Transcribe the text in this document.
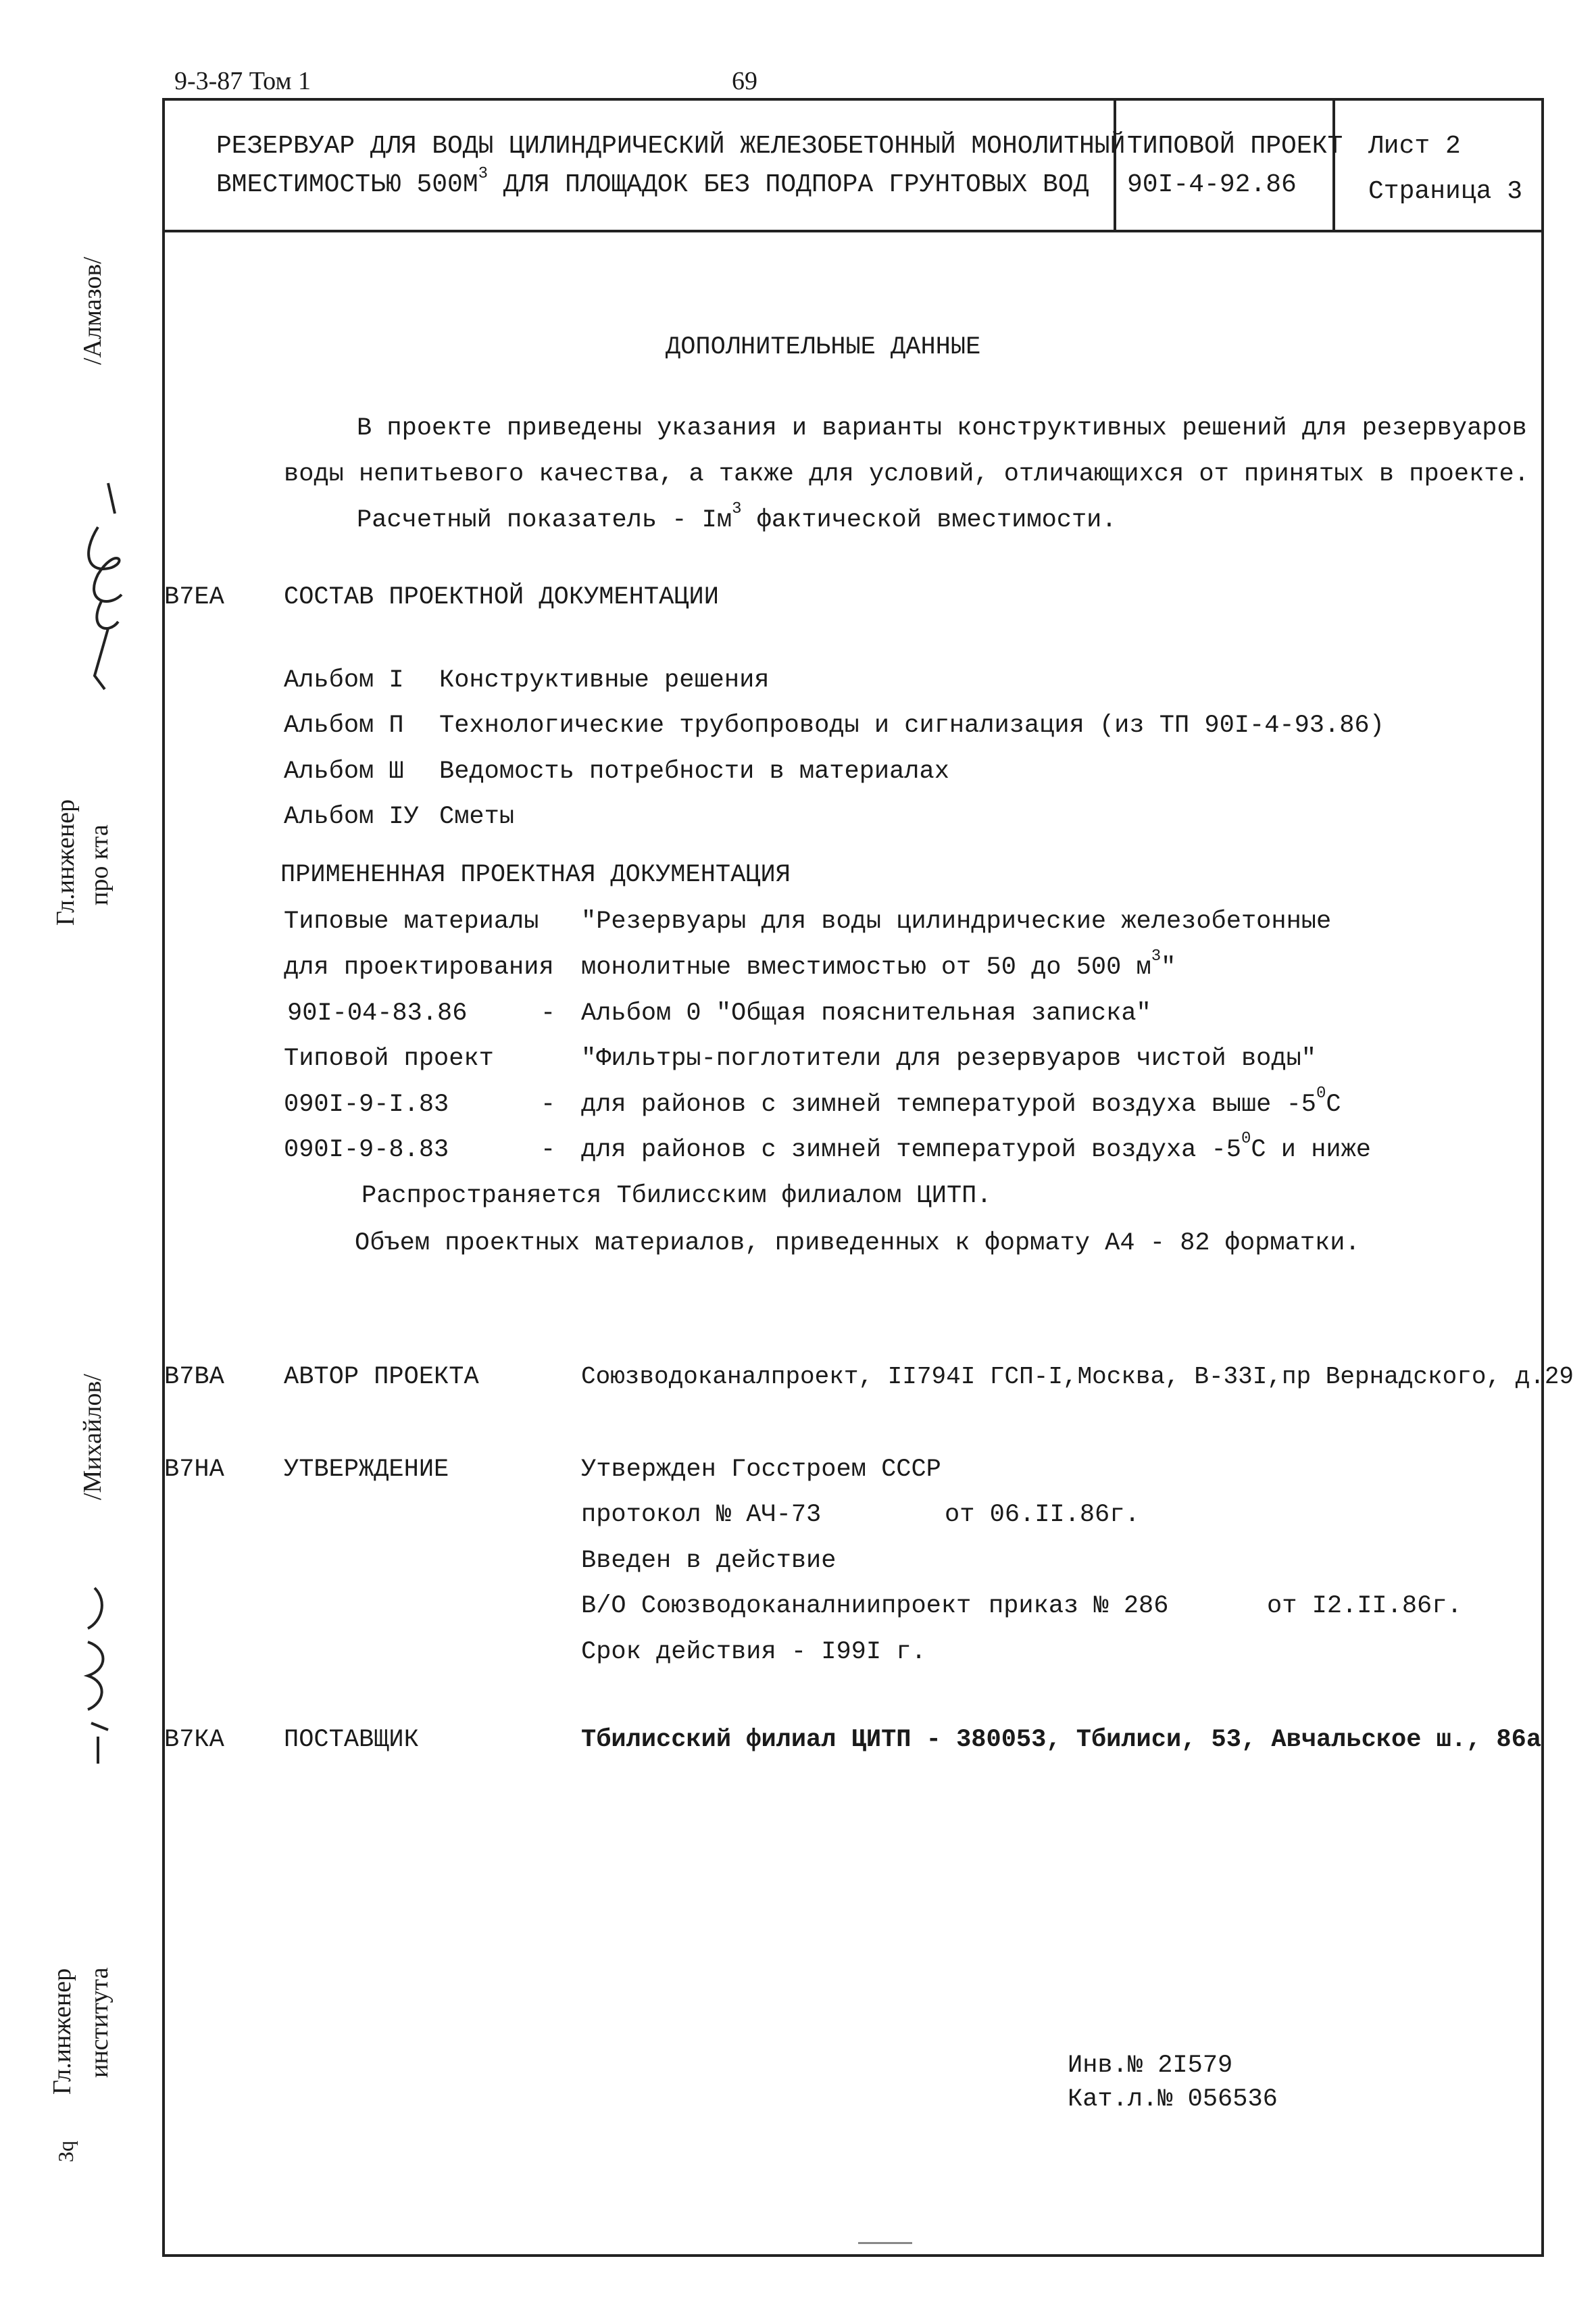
9-3-87 Том 1	69
РЕЗЕРВУАР ДЛЯ ВОДЫ ЦИЛИНДРИЧЕСКИЙ ЖЕЛЕЗОБЕТОННЫЙ МОНОЛИТНЫЙ
ВМЕСТИМОСТЬЮ $500М^3$ ДЛЯ ПЛОЩАДОК БЕЗ ПОДПОРА ГРУНТОВЫХ ВОД
ТИПОВОЙ ПРОЕКТ
90I-4-92.86
Лист 2
Страница 3
/Алмазов/
Гл.инженер про кта
/Михайлов/
Гл.инженер института
Зq
ДОПОЛНИТЕЛЬНЫЕ ДАННЫЕ
В проекте приведены указания и варианты конструктивных решений для резервуаров
воды непитьевого качества, а также для условий, отличающихся от принятых в проекте.
Расчетный показатель - $Iм^3$ фактической вместимости.
В7ЕА СОСТАВ ПРОЕКТНОЙ ДОКУМЕНТАЦИИ
Альбом I Конструктивные решения
Альбом П Технологические трубопроводы и сигнализация (из ТП 90I-4-93.86)
Альбом Ш Ведомость потребности в материалах
Альбом IУ Сметы
ПРИМЕНЕННАЯ ПРОЕКТНАЯ ДОКУМЕНТАЦИЯ
Типовые материалы "Резервуары для воды цилиндрические железобетонные
для проектирования монолитные вместимостью от 50 до 500 $м^3$"
90I-04-83.86	- Альбом 0 "Общая пояснительная записка"
Типовой проект	"Фильтры-поглотители для резервуаров чистой воды"
090I-9-I.83	- для районов с зимней температурой воздуха выше $-5^0С$
090I-9-8.83	- для районов с зимней температурой воздуха $-5^0С$ и ниже
Распространяется Тбилисским филиалом ЦИТП.
Объем проектных материалов, приведенных к формату А4 - 82 форматки.
В7ВА АВТОР ПРОЕКТА	Союзводоканалпроект, II794I ГСП-I,Москва, В-33I,пр Вернадского, д.29
В7НА УТВЕРЖДЕНИЕ	Утвержден Госстроем СССР
протокол № АЧ-73	от 06.II.86г.
Введен в действие
В/О Союзводоканалниипроект приказ № 286	от I2.II.86г.
Срок действия - I99I г.
В7КА ПОСТАВЩИК	Тбилисский филиал ЦИТП - 380053, Тбилиси, 53, Авчальское ш., 86а
Инв.№ 2I579
Кат.л.№ 056536
